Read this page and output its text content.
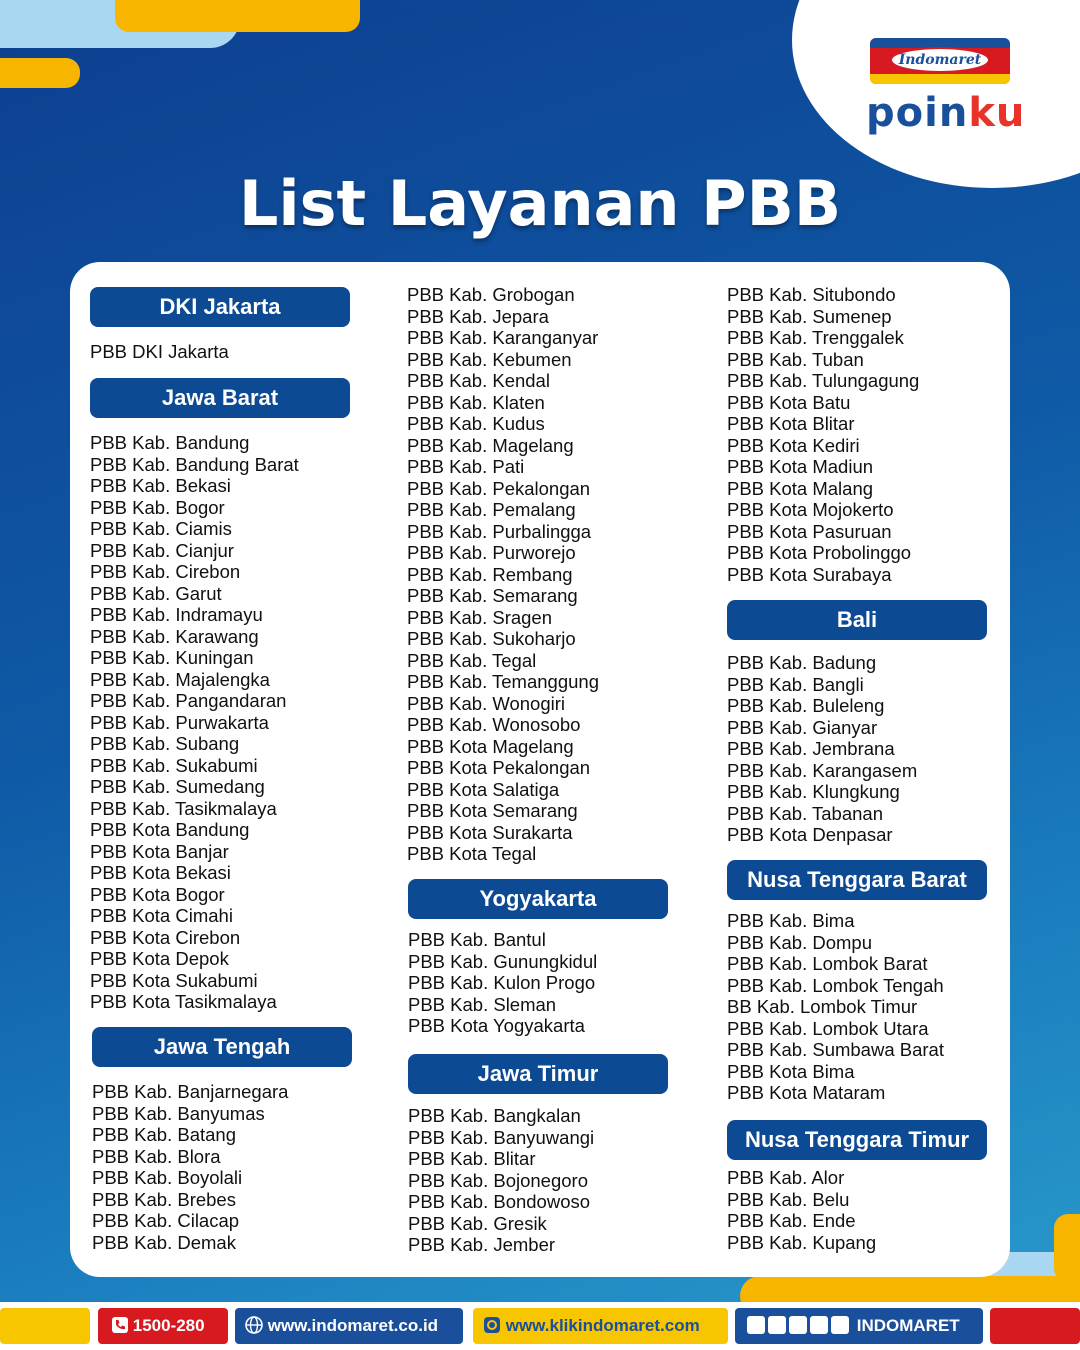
Indomaret
poinku
List Layanan PBB
DKI Jakarta
PBB DKI Jakarta
Jawa Barat
PBB Kab. Bandung
PBB Kab. Bandung Barat
PBB Kab. Bekasi
PBB Kab. Bogor
PBB Kab. Ciamis
PBB Kab. Cianjur
PBB Kab. Cirebon
PBB Kab. Garut
PBB Kab. Indramayu
PBB Kab. Karawang
PBB Kab. Kuningan
PBB Kab. Majalengka
PBB Kab. Pangandaran
PBB Kab. Purwakarta
PBB Kab. Subang
PBB Kab. Sukabumi
PBB Kab. Sumedang
PBB Kab. Tasikmalaya
PBB Kota Bandung
PBB Kota Banjar
PBB Kota Bekasi
PBB Kota Bogor
PBB Kota Cimahi
PBB Kota Cirebon
PBB Kota Depok
PBB Kota Sukabumi
PBB Kota Tasikmalaya
Jawa Tengah
PBB Kab. Banjarnegara
PBB Kab. Banyumas
PBB Kab. Batang
PBB Kab. Blora
PBB Kab. Boyolali
PBB Kab. Brebes
PBB Kab. Cilacap
PBB Kab. Demak
PBB Kab. Grobogan
PBB Kab. Jepara
PBB Kab. Karanganyar
PBB Kab. Kebumen
PBB Kab. Kendal
PBB Kab. Klaten
PBB Kab. Kudus
PBB Kab. Magelang
PBB Kab. Pati
PBB Kab. Pekalongan
PBB Kab. Pemalang
PBB Kab. Purbalingga
PBB Kab. Purworejo
PBB Kab. Rembang
PBB Kab. Semarang
PBB Kab. Sragen
PBB Kab. Sukoharjo
PBB Kab. Tegal
PBB Kab. Temanggung
PBB Kab. Wonogiri
PBB Kab. Wonosobo
PBB Kota Magelang
PBB Kota Pekalongan
PBB Kota Salatiga
PBB Kota Semarang
PBB Kota Surakarta
PBB Kota Tegal
Yogyakarta
PBB Kab. Bantul
PBB Kab. Gunungkidul
PBB Kab. Kulon Progo
PBB Kab. Sleman
PBB Kota Yogyakarta
Jawa Timur
PBB Kab. Bangkalan
PBB Kab. Banyuwangi
PBB Kab. Blitar
PBB Kab. Bojonegoro
PBB Kab. Bondowoso
PBB Kab. Gresik
PBB Kab. Jember
PBB Kab. Situbondo
PBB Kab. Sumenep
PBB Kab. Trenggalek
PBB Kab. Tuban
PBB Kab. Tulungagung
PBB Kota Batu
PBB Kota Blitar
PBB Kota Kediri
PBB Kota Madiun
PBB Kota Malang
PBB Kota Mojokerto
PBB Kota Pasuruan
PBB Kota Probolinggo
PBB Kota Surabaya
Bali
PBB Kab. Badung
PBB Kab. Bangli
PBB Kab. Buleleng
PBB Kab. Gianyar
PBB Kab. Jembrana
PBB Kab. Karangasem
PBB Kab. Klungkung
PBB Kab. Tabanan
PBB Kota Denpasar
Nusa Tenggara Barat
PBB Kab. Bima
PBB Kab. Dompu
PBB Kab. Lombok Barat
PBB Kab. Lombok Tengah
BB Kab. Lombok Timur
PBB Kab. Lombok Utara
PBB Kab. Sumbawa Barat
PBB Kota Bima
PBB Kota Mataram
Nusa Tenggara Timur
PBB Kab. Alor
PBB Kab. Belu
PBB Kab. Ende
PBB Kab. Kupang
1500-280	www.indomaret.co.id	www.klikindomaret.com	INDOMARET
